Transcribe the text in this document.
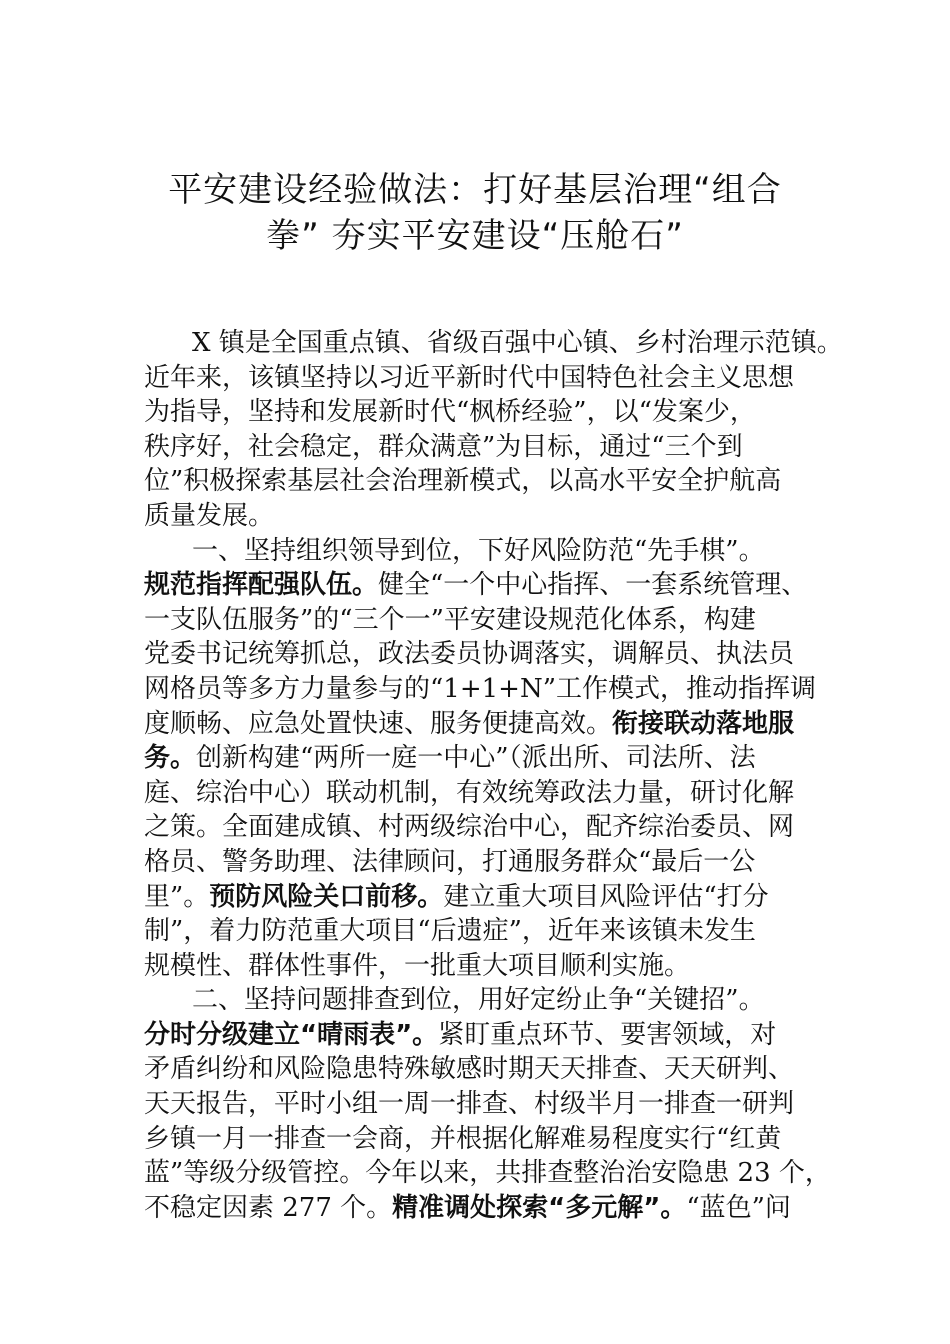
平安建设经验做法：打好基层治理“组合
拳” 夯实平安建设“压舱石”
X 镇是全国重点镇、省级百强中心镇、乡村治理示范镇。
近年来，该镇坚持以习近平新时代中国特色社会主义思想
为指导，坚持和发展新时代“枫桥经验”，以“发案少，
秩序好，社会稳定，群众满意”为目标，通过“三个到
位”积极探索基层社会治理新模式，以高水平安全护航高
质量发展。
一、坚持组织领导到位，下好风险防范“先手棋”。
规范指挥配强队伍。健全“一个中心指挥、一套系统管理、
一支队伍服务”的“三个一”平安建设规范化体系，构建
党委书记统筹抓总，政法委员协调落实，调解员、执法员
网格员等多方力量参与的“1+1+N”工作模式，推动指挥调
度顺畅、应急处置快速、服务便捷高效。衔接联动落地服
务。创新构建“两所一庭一中心”（派出所、司法所、法
庭、综治中心）联动机制，有效统筹政法力量，研讨化解
之策。全面建成镇、村两级综治中心，配齐综治委员、网
格员、警务助理、法律顾问，打通服务群众“最后一公
里”。预防风险关口前移。建立重大项目风险评估“打分
制”，着力防范重大项目“后遗症”，近年来该镇未发生
规模性、群体性事件，一批重大项目顺利实施。
二、坚持问题排查到位，用好定纷止争“关键招”。
分时分级建立“晴雨表”。紧盯重点环节、要害领域，对
矛盾纠纷和风险隐患特殊敏感时期天天排查、天天研判、
天天报告，平时小组一周一排查、村级半月一排查一研判
乡镇一月一排查一会商，并根据化解难易程度实行“红黄
蓝”等级分级管控。今年以来，共排查整治治安隐患 23 个，
不稳定因素 277 个。精准调处探索“多元解”。“蓝色”问
